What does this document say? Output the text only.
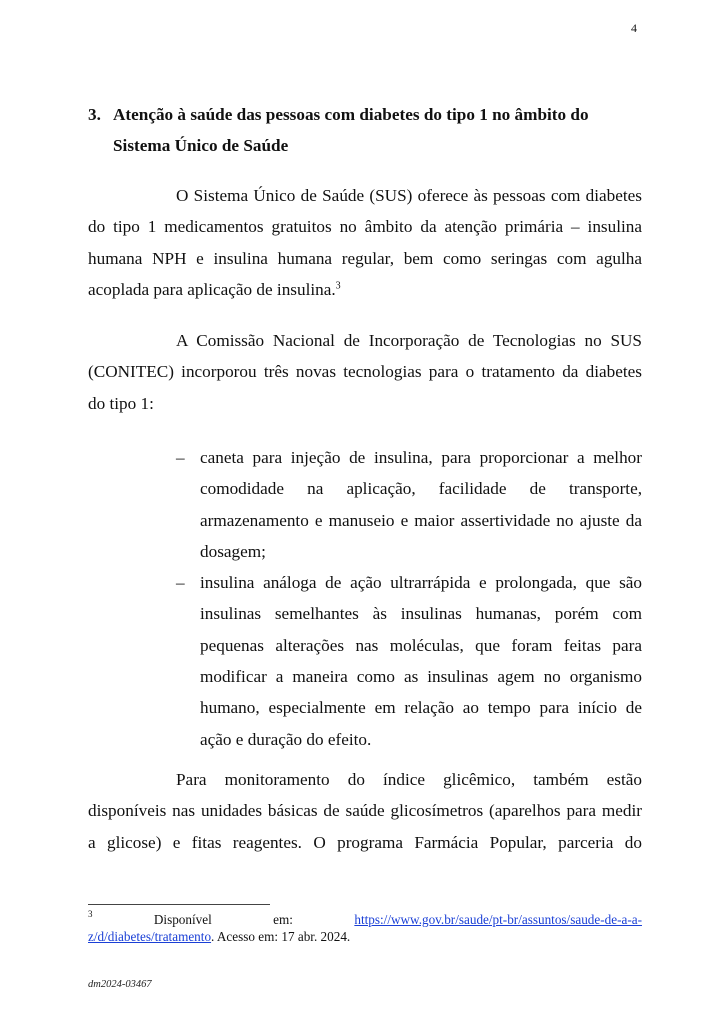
4
3. Atenção à saúde das pessoas com diabetes do tipo 1 no âmbito do
Sistema Único de Saúde
O Sistema Único de Saúde (SUS) oferece às pessoas com diabetes
do tipo 1 medicamentos gratuitos no âmbito da atenção primária – insulina
humana NPH e insulina humana regular, bem como seringas com agulha
acoplada para aplicação de insulina.$^3$
A Comissão Nacional de Incorporação de Tecnologias no SUS
(CONITEC) incorporou três novas tecnologias para o tratamento da diabetes
do tipo 1:
– caneta para injeção de insulina, para proporcionar a melhor
comodidade na aplicação, facilidade de transporte,
armazenamento e manuseio e maior assertividade no ajuste da
dosagem;
– insulina análoga de ação ultrarrápida e prolongada, que são
insulinas semelhantes às insulinas humanas, porém com
pequenas alterações nas moléculas, que foram feitas para
modificar a maneira como as insulinas agem no organismo
humano, especialmente em relação ao tempo para início de
ação e duração do efeito.
Para monitoramento do índice glicêmico, também estão
disponíveis nas unidades básicas de saúde glicosímetros (aparelhos para medir
a glicose) e fitas reagentes. O programa Farmácia Popular, parceria do
$^3$	Disponível	em:	https://www.gov.br/saude/pt-br/assuntos/saude-de-a-a-
z/d/diabetes/tratamento. Acesso em: 17 abr. 2024.
dm2024-03467
